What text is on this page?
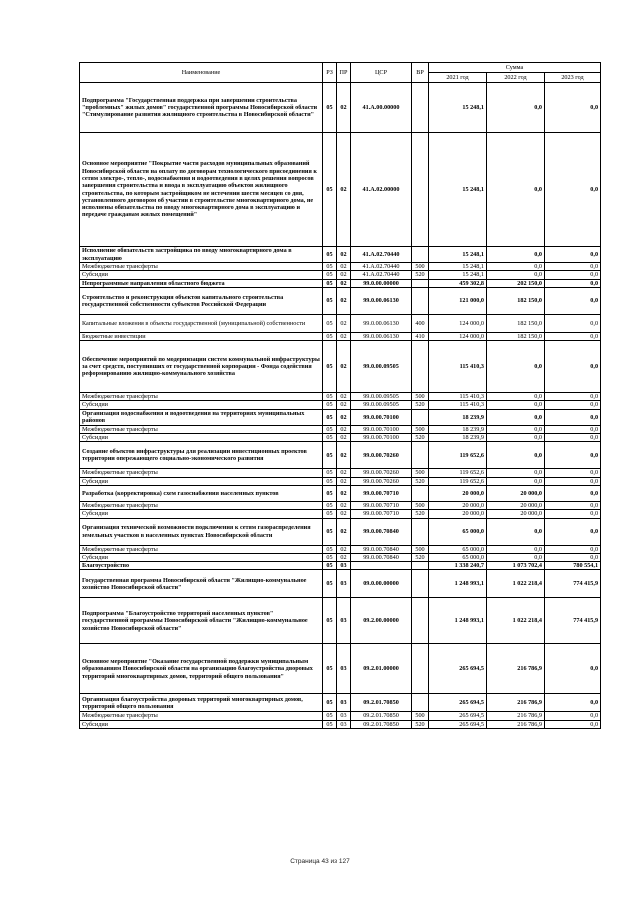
Наименование	РЗ	ПР	ЦСР	ВР	Сумма		
					2021 год	2022 год	2023 год
Подпрограмма "Государственная поддержка при завершении строительства "проблемных" жилых домов" государственной программы Новосибирской области "Стимулирование развития жилищного строительства в Новосибирской области"	05	02	41.А.00.00000		15 248,1	0,0	0,0
Основное мероприятие "Покрытие части расходов муниципальных образований Новосибирской области на оплату по договорам технологического присоединения к сетям электро-, тепло-, водоснабжения и водоотведения в целях решения вопросов завершения строительства и ввода в эксплуатацию объектов жилищного строительства, по которым застройщиком не истечении шести месяцев со дня, установленного договором об участии в строительстве многоквартирного дома, не исполнены обязательства по вводу многоквартирного дома в эксплуатацию и передаче гражданам жилых помещений"	05	02	41.А.02.00000		15 248,1	0,0	0,0
Исполнение обязательств застройщика по вводу многоквартирного дома в эксплуатацию	05	02	41.А.02.70440		15 248,1	0,0	0,0
Межбюджетные трансферты	05	02	41.А.02.70440	500	15 248,1	0,0	0,0
Субсидии	05	02	41.А.02.70440	520	15 248,1	0,0	0,0
Непрограммные направления областного бюджета	05	02	99.0.00.00000		459 302,8	202 150,0	0,0
Строительство и реконструкция объектов капитального строительства государственной собственности субъектов Российской Федерации	05	02	99.0.00.06130		121 000,0	182 150,0	0,0
Капитальные вложения в объекты государственной (муниципальной) собственности	05	02	99.0.00.06130	400	124 000,0	182 150,0	0,0
Бюджетные инвестиции	05	02	99.0.00.06130	410	124 000,0	182 150,0	0,0
Обеспечение мероприятий по модернизации систем коммунальной инфраструктуры за счет средств, поступивших от государственной корпорации - Фонда содействия реформированию жилищно-коммунального хозяйства	05	02	99.0.00.09505		115 410,3	0,0	0,0
Межбюджетные трансферты	05	02	99.0.00.09505	500	115 410,3	0,0	0,0
Субсидии	05	02	99.0.00.09505	520	115 410,3	0,0	0,0
Организация водоснабжения и водоотведения на территориях муниципальных районов	05	02	99.0.00.70100		18 239,9	0,0	0,0
Межбюджетные трансферты	05	02	99.0.00.70100	500	18 239,9	0,0	0,0
Субсидии	05	02	99.0.00.70100	520	18 239,9	0,0	0,0
Создание объектов инфраструктуры для реализации инвестиционных проектов территории опережающего социально-экономического развития	05	02	99.0.00.70260		119 652,6	0,0	0,0
Межбюджетные трансферты	05	02	99.0.00.70260	500	119 652,6	0,0	0,0
Субсидии	05	02	99.0.00.70260	520	119 652,6	0,0	0,0
Разработка (корректировка) схем газоснабжения населенных пунктов	05	02	99.0.00.70710		20 000,0	20 000,0	0,0
Межбюджетные трансферты	05	02	99.0.00.70710	500	20 000,0	20 000,0	0,0
Субсидии	05	02	99.0.00.70710	520	20 000,0	20 000,0	0,0
Организация технической возможности подключения к сетям газораспределения земельных участков в населенных пунктах Новосибирской области	05	02	99.0.00.70840		65 000,0	0,0	0,0
Межбюджетные трансферты	05	02	99.0.00.70840	500	65 000,0	0,0	0,0
Субсидии	05	02	99.0.00.70840	520	65 000,0	0,0	0,0
Благоустройство	05	03			1 338 240,7	1 073 702,4	780 554,1
Государственная программа Новосибирской области "Жилищно-коммунальное хозяйство Новосибирской области"	05	03	09.0.00.00000		1 248 993,1	1 022 218,4	774 415,9
Подпрограмма "Благоустройство территорий населенных пунктов" государственной программы Новосибирской области "Жилищно-коммунальное хозяйство Новосибирской области"	05	03	09.2.00.00000		1 248 993,1	1 022 218,4	774 415,9
Основное мероприятие "Оказание государственной поддержки муниципальным образованиям Новосибирской области на организацию благоустройства дворовых территорий многоквартирных домов, территорий общего пользования"	05	03	09.2.01.00000		265 694,5	216 786,9	0,0
Организация благоустройства дворовых территорий многоквартирных домов, территорий общего пользования	05	03	09.2.01.70850		265 694,5	216 786,9	0,0
Межбюджетные трансферты	05	03	09.2.01.70850	500	265 694,5	216 786,9	0,0
Субсидии	05	03	09.2.01.70850	520	265 694,5	216 786,9	0,0
Страница 43 из 127
